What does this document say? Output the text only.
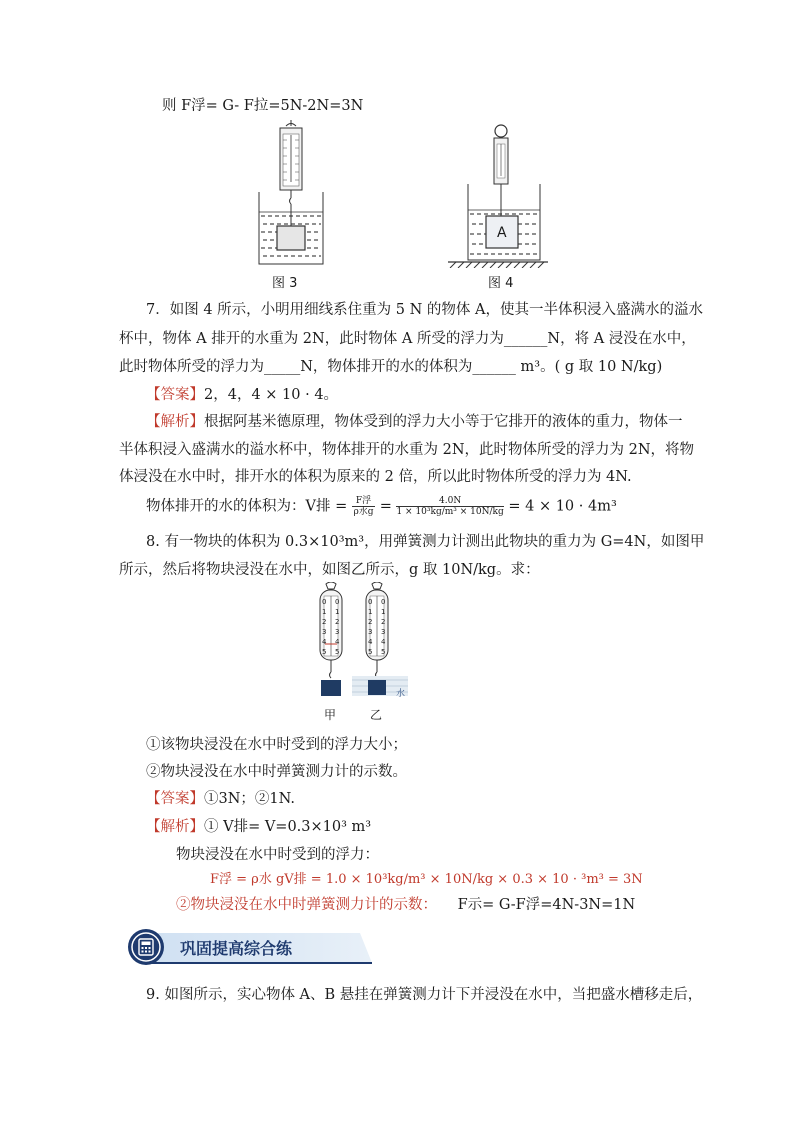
则 F浮= G- F拉=5N-2N=3N
图 3
A
图 4
7．如图 4 所示，小明用细线系住重为 5 N 的物体 A，使其一半体积浸入盛满水的溢水
杯中，物体 A 排开的水重为 2N，此时物体 A 所受的浮力为______N，将 A 浸没在水中，
此时物体所受的浮力为_____N，物体排开的水的体积为______ m³。( g 取 10 N/kg)
【答案】2，4，4 × 10 · 4。
【解析】根据阿基米德原理，物体受到的浮力大小等于它排开的液体的重力，物体一
半体积浸入盛满水的溢水杯中，物体排开的水重为 2N，此时物体所受的浮力为 2N，将物
体浸没在水中时，排开水的体积为原来的 2 倍，所以此时物体所受的浮力为 4N.
物体排开的水的体积为：V排 = $\frac{\text{F浮}}{\text{ρ水g}} = \frac{4.0N}{\text{1 × 10³kg/m³ × 10N/kg}} = 4 \times 10 \cdot 4m^3$
8. 有一物块的体积为 0.3×10³m³，用弹簧测力计测出此物块的重力为 G=4N，如图甲
所示，然后将物块浸没在水中，如图乙所示，g 取 10N/kg。求：
0
1
2
3
4
5
0
1
2
3
4
5
0
1
2
3
4
5
0
1
2
3
4
5
水
甲	乙
①该物块浸没在水中时受到的浮力大小；
②物块浸没在水中时弹簧测力计的示数。
【答案】①3N；②1N.
【解析】① V排= V=0.3×10³ m³
物块浸没在水中时受到的浮力：
F浮 = ρ水 gV排 = 1.0 × 10³kg/m³ × 10N/kg × 0.3 × 10 · ³m³ = 3N
②物块浸没在水中时弹簧测力计的示数： F示= G-F浮=4N-3N=1N
巩固提高综合练
9. 如图所示，实心物体 A、B 悬挂在弹簧测力计下并浸没在水中，当把盛水槽移走后，
